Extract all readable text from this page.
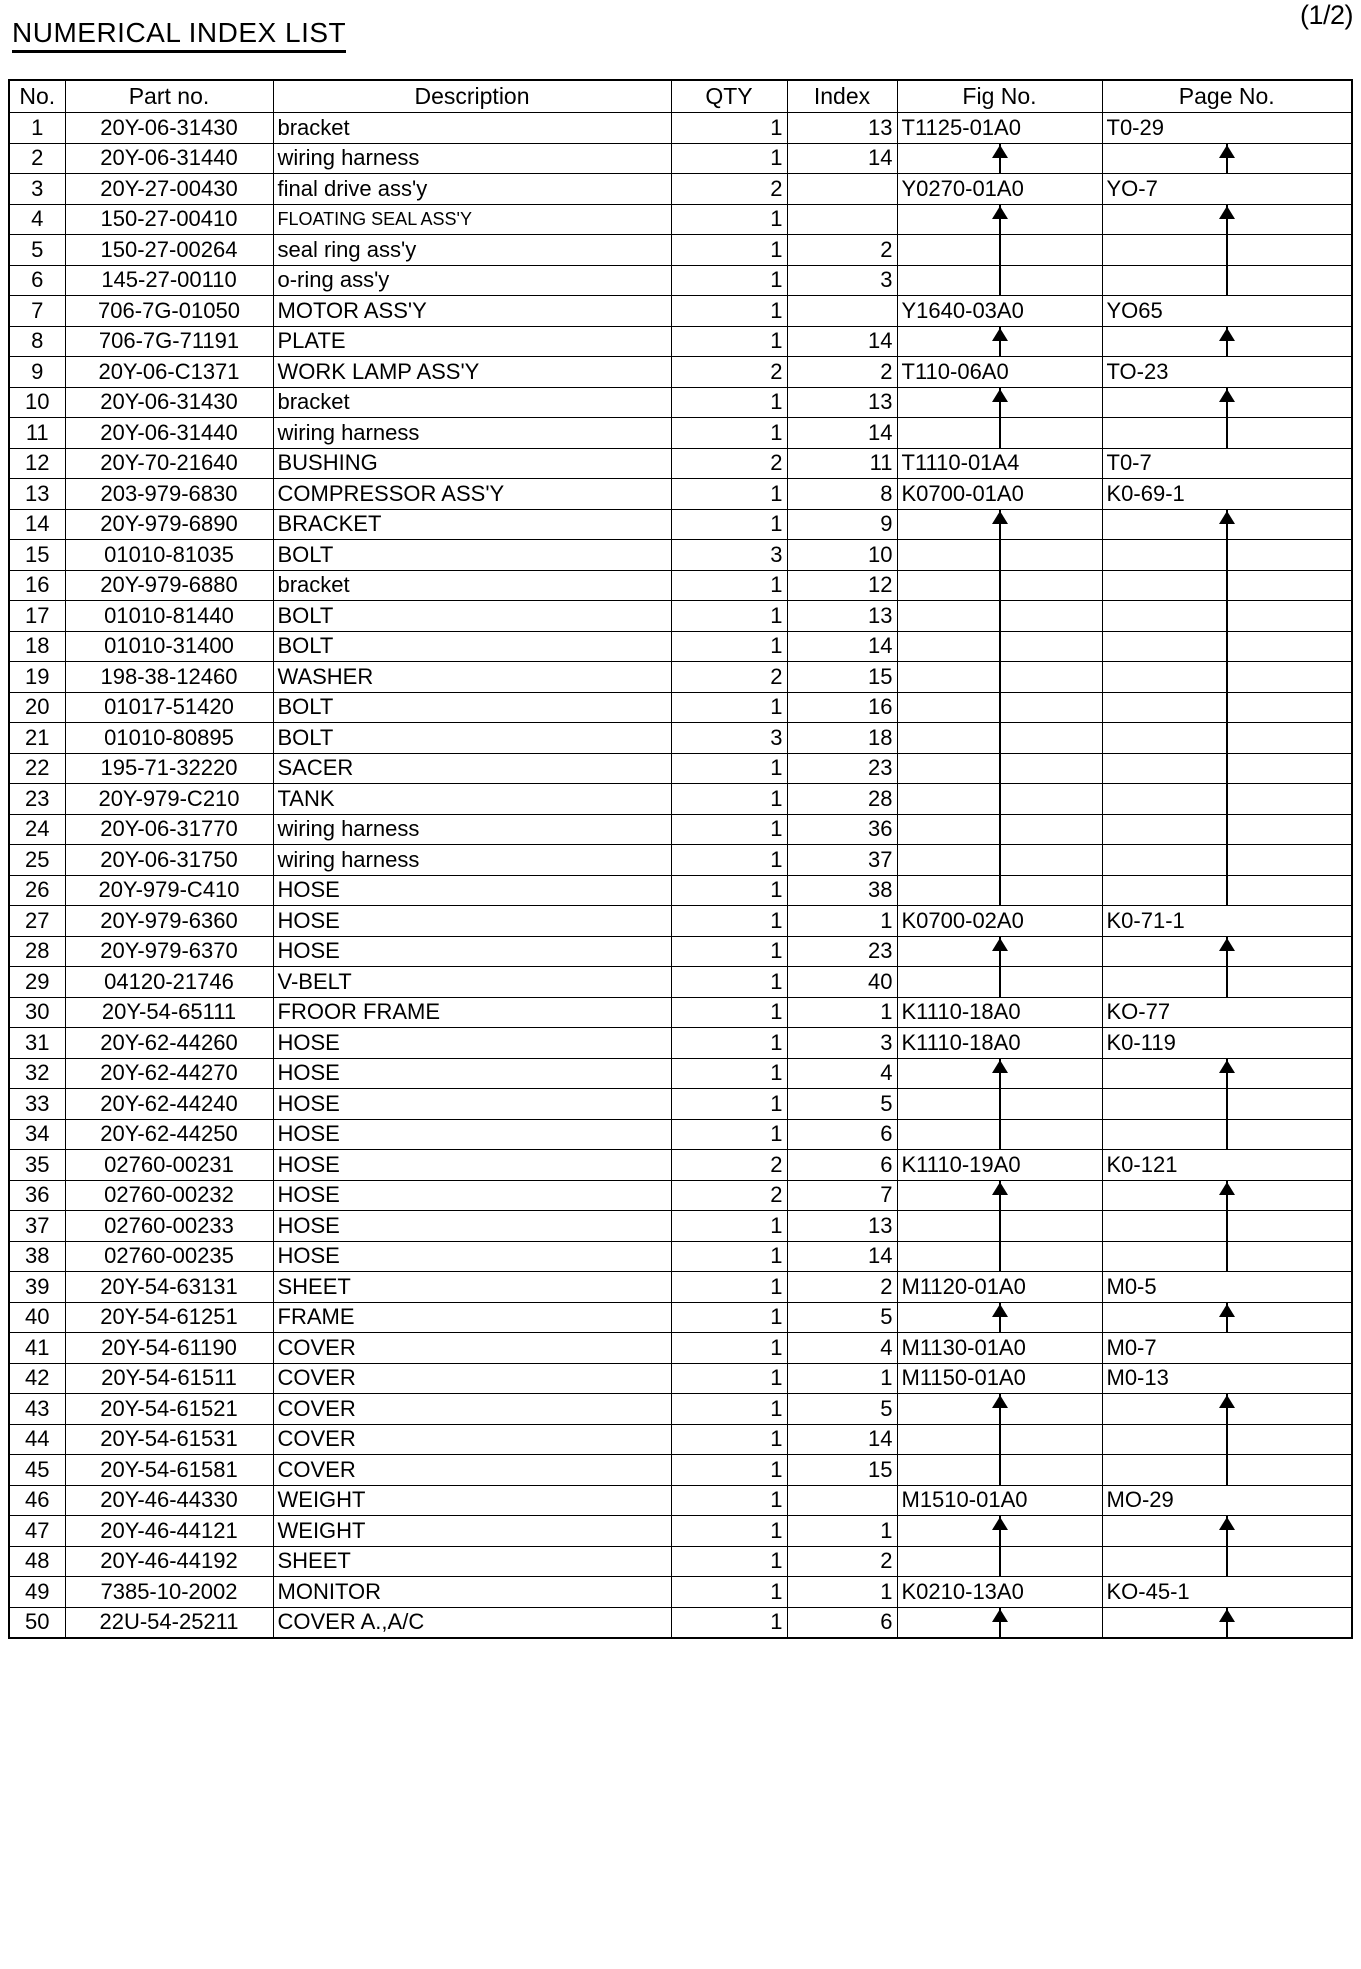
(1/2)
NUMERICAL INDEX LIST
No.	Part no.	Description	QTY	Index	Fig No.	Page No.
1	20Y-06-31430	bracket	1	13	T1125-01A0	T0-29
2	20Y-06-31440	wiring harness	1	14	

3	20Y-27-00430	final drive ass'y	2		Y0270-01A0	YO-7
4	150-27-00410	FLOATING SEAL ASS'Y	1		

5	150-27-00264	seal ring ass'y	1	2	

6	145-27-00110	o-ring ass'y	1	3	

7	706-7G-01050	MOTOR ASS'Y	1		Y1640-03A0	YO65
8	706-7G-71191	PLATE	1	14	

9	20Y-06-C1371	WORK LAMP ASS'Y	2	2	T110-06A0	TO-23
10	20Y-06-31430	bracket	1	13	

11	20Y-06-31440	wiring harness	1	14	

12	20Y-70-21640	BUSHING	2	11	T1110-01A4	T0-7
13	203-979-6830	COMPRESSOR ASS'Y	1	8	K0700-01A0	K0-69-1
14	20Y-979-6890	BRACKET	1	9	

15	01010-81035	BOLT	3	10	

16	20Y-979-6880	bracket	1	12	

17	01010-81440	BOLT	1	13	

18	01010-31400	BOLT	1	14	

19	198-38-12460	WASHER	2	15	

20	01017-51420	BOLT	1	16	

21	01010-80895	BOLT	3	18	

22	195-71-32220	SACER	1	23	

23	20Y-979-C210	TANK	1	28	

24	20Y-06-31770	wiring harness	1	36	

25	20Y-06-31750	wiring harness	1	37	

26	20Y-979-C410	HOSE	1	38	

27	20Y-979-6360	HOSE	1	1	K0700-02A0	K0-71-1
28	20Y-979-6370	HOSE	1	23	

29	04120-21746	V-BELT	1	40	

30	20Y-54-65111	FROOR FRAME	1	1	K1110-18A0	KO-77
31	20Y-62-44260	HOSE	1	3	K1110-18A0	K0-119
32	20Y-62-44270	HOSE	1	4	

33	20Y-62-44240	HOSE	1	5	

34	20Y-62-44250	HOSE	1	6	

35	02760-00231	HOSE	2	6	K1110-19A0	K0-121
36	02760-00232	HOSE	2	7	

37	02760-00233	HOSE	1	13	

38	02760-00235	HOSE	1	14	

39	20Y-54-63131	SHEET	1	2	M1120-01A0	M0-5
40	20Y-54-61251	FRAME	1	5	

41	20Y-54-61190	COVER	1	4	M1130-01A0	M0-7
42	20Y-54-61511	COVER	1	1	M1150-01A0	M0-13
43	20Y-54-61521	COVER	1	5	

44	20Y-54-61531	COVER	1	14	

45	20Y-54-61581	COVER	1	15	

46	20Y-46-44330	WEIGHT	1		M1510-01A0	MO-29
47	20Y-46-44121	WEIGHT	1	1	

48	20Y-46-44192	SHEET	1	2	

49	7385-10-2002	MONITOR	1	1	K0210-13A0	KO-45-1
50	22U-54-25211	COVER A.,A/C	1	6	
